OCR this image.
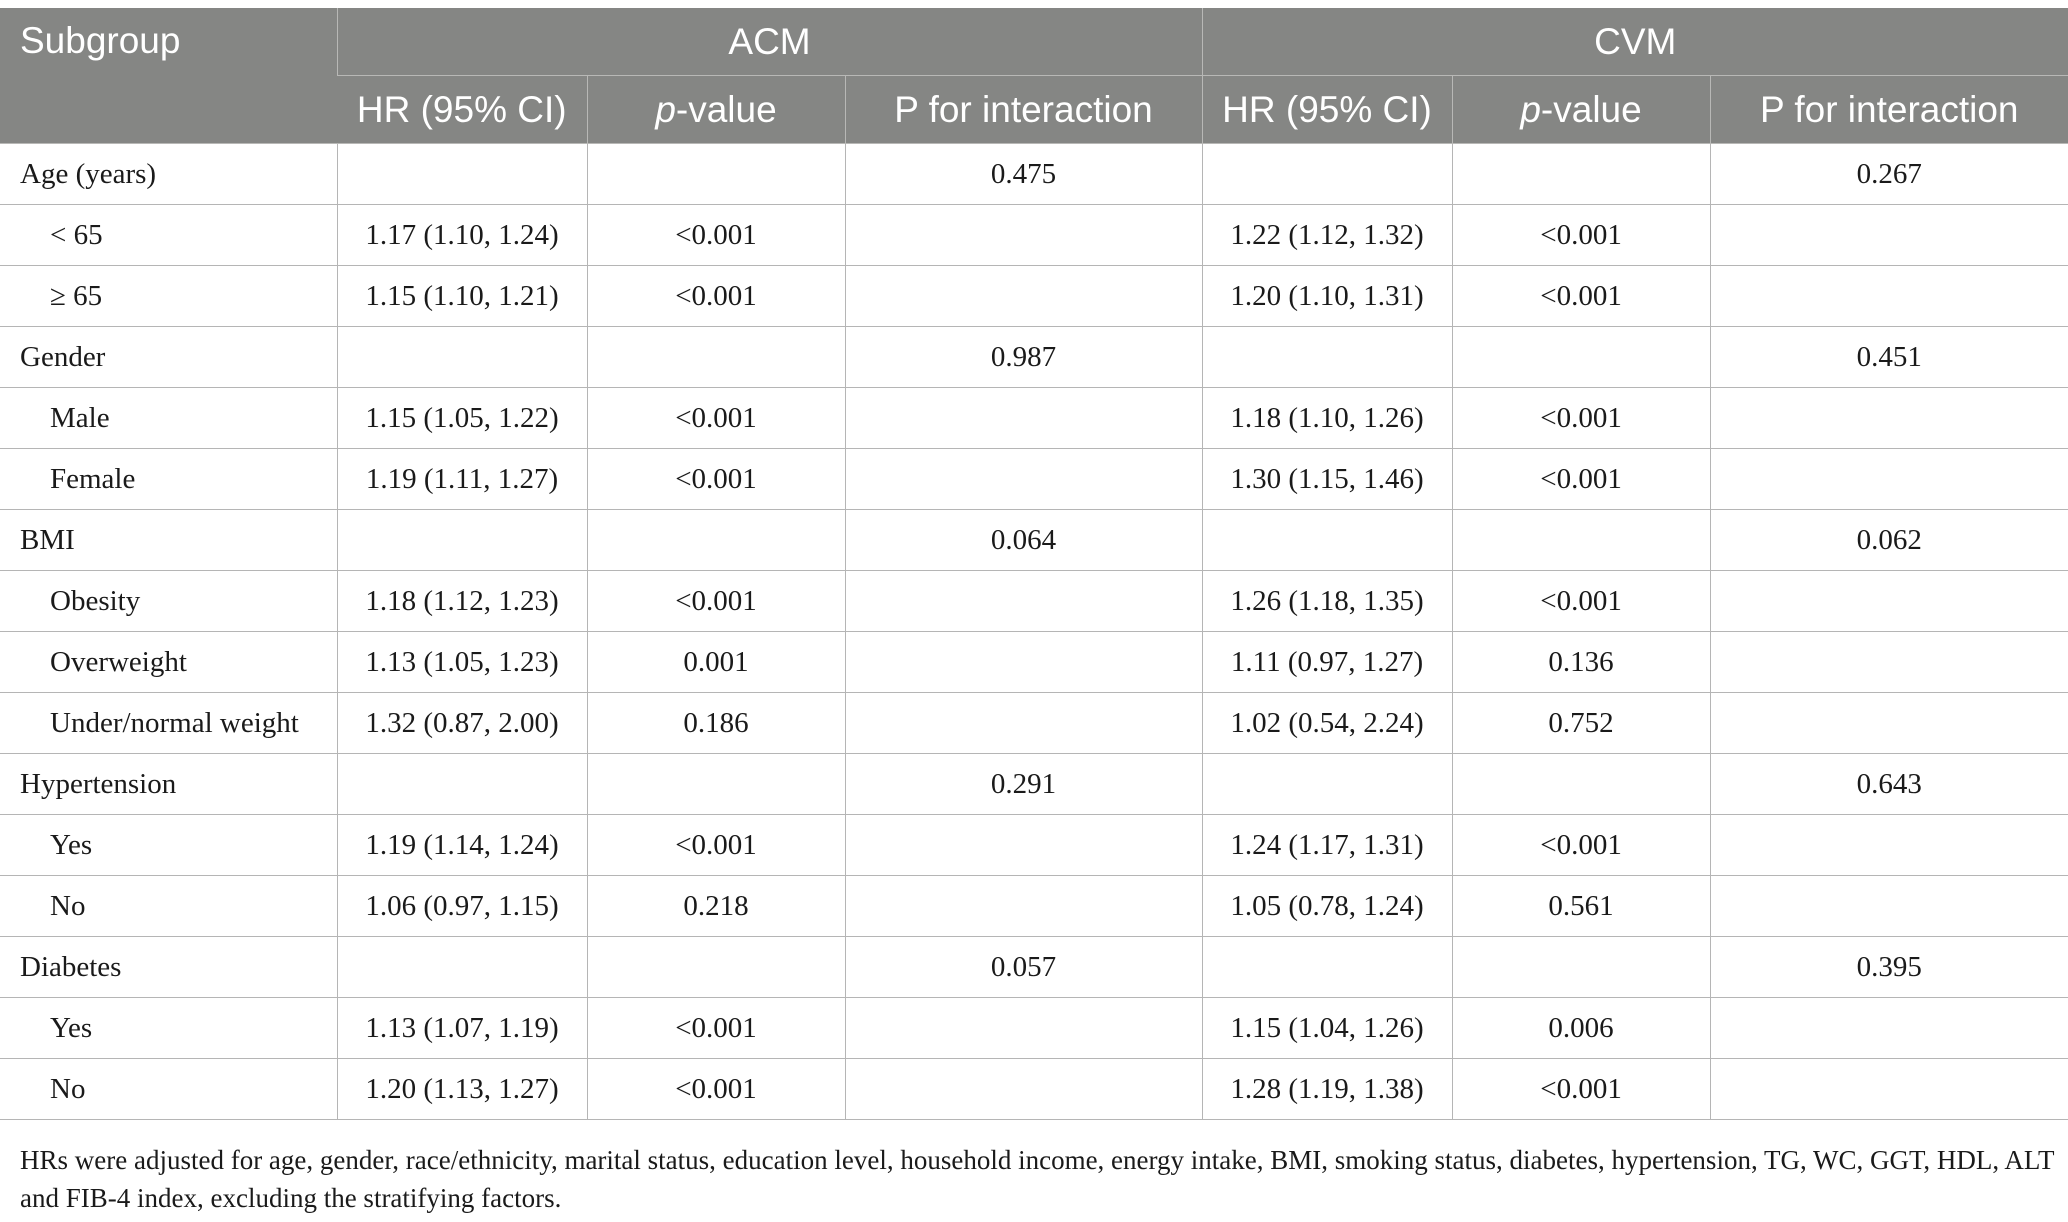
Subgroup	ACM			CVM		
	HR (95% CI)	p-value	P for interaction	HR (95% CI)	p-value	P for interaction
Age (years)			0.475			0.267
< 65	1.17 (1.10, 1.24)	<0.001		1.22 (1.12, 1.32)	<0.001	
≥ 65	1.15 (1.10, 1.21)	<0.001		1.20 (1.10, 1.31)	<0.001	
Gender			0.987			0.451
Male	1.15 (1.05, 1.22)	<0.001		1.18 (1.10, 1.26)	<0.001	
Female	1.19 (1.11, 1.27)	<0.001		1.30 (1.15, 1.46)	<0.001	
BMI			0.064			0.062
Obesity	1.18 (1.12, 1.23)	<0.001		1.26 (1.18, 1.35)	<0.001	
Overweight	1.13 (1.05, 1.23)	0.001		1.11 (0.97, 1.27)	0.136	
Under/normal weight	1.32 (0.87, 2.00)	0.186		1.02 (0.54, 2.24)	0.752	
Hypertension			0.291			0.643
Yes	1.19 (1.14, 1.24)	<0.001		1.24 (1.17, 1.31)	<0.001	
No	1.06 (0.97, 1.15)	0.218		1.05 (0.78, 1.24)	0.561	
Diabetes			0.057			0.395
Yes	1.13 (1.07, 1.19)	<0.001		1.15 (1.04, 1.26)	0.006	
No	1.20 (1.13, 1.27)	<0.001		1.28 (1.19, 1.38)	<0.001	

HRs were adjusted for age, gender, race/ethnicity, marital status, education level, household income, energy intake, BMI, smoking status, diabetes, hypertension, TG, WC, GGT, HDL, ALT and FIB-4 index, excluding the stratifying factors.
